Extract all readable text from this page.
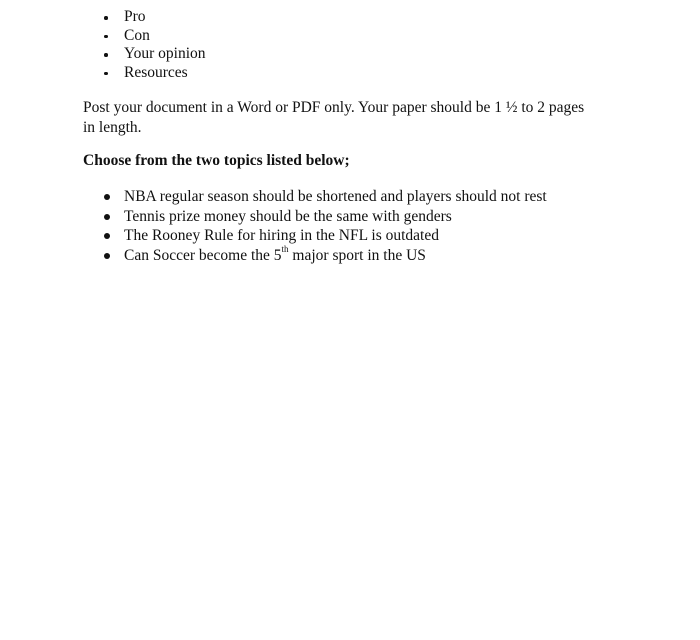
Pro
Con
Your opinion
Resources

Post your document in a Word or PDF only. Your paper should be 1 ½ to 2 pages
in length.

Choose from the two topics listed below;

NBA regular season should be shortened and players should not rest
Tennis prize money should be the same with genders
The Rooney Rule for hiring in the NFL is outdated
Can Soccer become the 5th major sport in the US
